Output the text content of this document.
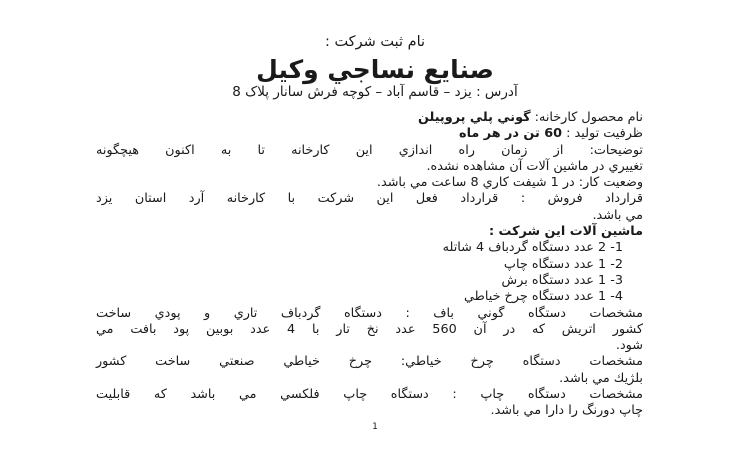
نام ثبت شرکت :
صنايع نساجي وكيل
آدرس : يزد – قاسم آباد – کوچه فرش سانار پلاک 8

نام محصول كارخانه: گوني پلي پروپيلن

ظرفيت توليد : 60 تن در هر ماه

توضيحات: از زمان راه اندازي اين كارخانه تا به اكنون هيچگونه

تغييري در ماشين آلات آن مشاهده نشده.

وضعيت كار: در 1 شيفت كاري 8 ساعت مي باشد.

قرارداد فروش : قرارداد فعل اين شركت با كارخانه آرد استان يزد

مي باشد.

ماشين آلات اين شركت :

1- 2 عدد دستگاه گردباف 4 شاتله
2- 1 عدد دستگاه چاپ
3- 1 عدد دستگاه برش
4- 1 عدد دستگاه چرخ خياطي

مشخصات دستگاه گوني باف : دستگاه گردباف تاري و پودي ساخت

كشور اتريش كه در آن 560 عدد نخ تار با 4 عدد بوبين پود بافت مي

شود.

مشخصات دستگاه چرخ خياطي: چرخ خياطي صنعتي ساخت كشور

بلژيك مي باشد.

مشخصات دستگاه چاپ : دستگاه چاپ فلكسي مي باشد كه قابليت

چاپ دورنگ را دارا مي باشد.

1
